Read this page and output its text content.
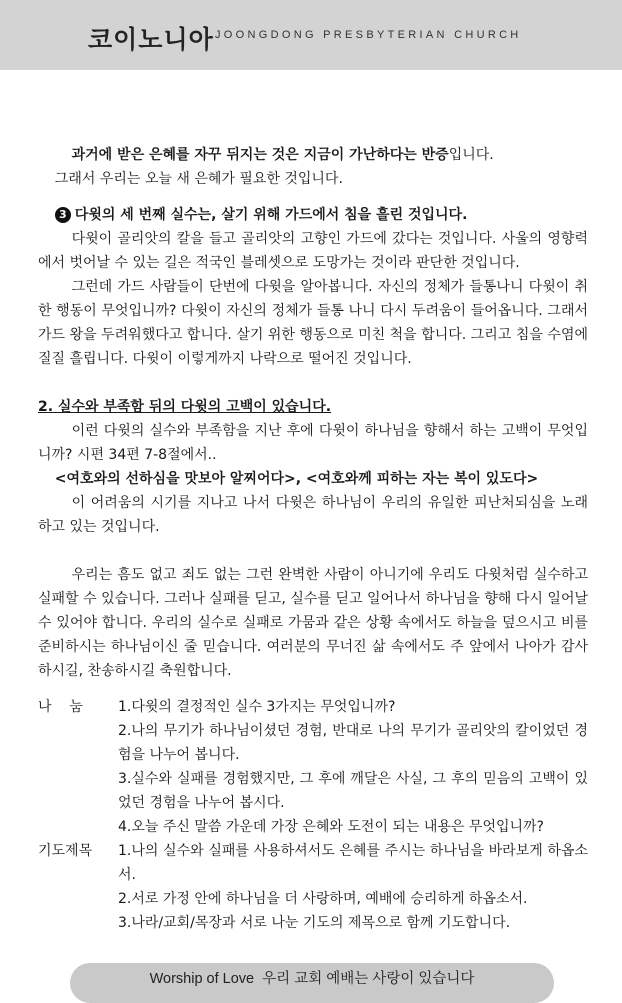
코이노니아 JOONGDONG PRESBYTERIAN CHURCH

과거에 받은 은혜를 자꾸 뒤지는 것은 지금이 가난하다는 반증입니다.

그래서 우리는 오늘 새 은혜가 필요한 것입니다.

3 다윗의 세 번째 실수는, 살기 위해 가드에서 침을 흘린 것입니다.

다윗이 골리앗의 칼을 들고 골리앗의 고향인 가드에 갔다는 것입니다. 사울의 영향력에서 벗어날 수 있는 길은 적국인 블레셋으로 도망가는 것이라 판단한 것입니다.

그런데 가드 사람들이 단번에 다윗을 알아봅니다. 자신의 정체가 들통나니 다윗이 취한 행동이 무엇입니까? 다윗이 자신의 정체가 들통 나니 다시 두려움이 들어옵니다. 그래서 가드 왕을 두려워했다고 합니다. 살기 위한 행동으로 미친 척을 합니다. 그리고 침을 수염에 질질 흘립니다. 다윗이 이렇게까지 나락으로 떨어진 것입니다.

2. 실수와 부족함 뒤의 다윗의 고백이 있습니다.

이런 다윗의 실수와 부족함을 지난 후에 다윗이 하나님을 향해서 하는 고백이 무엇입니까? 시편 34편 7-8절에서..

<여호와의 선하심을 맛보아 알찌어다>, <여호와께 피하는 자는 복이 있도다>

이 어려움의 시기를 지나고 나서 다윗은 하나님이 우리의 유일한 피난처되심을 노래하고 있는 것입니다.

우리는 흠도 없고 죄도 없는 그런 완벽한 사람이 아니기에 우리도 다윗처럼 실수하고 실패할 수 있습니다. 그러나 실패를 딛고, 실수를 딛고 일어나서 하나님을 향해 다시 일어날 수 있어야 합니다. 우리의 실수로 실패로 가뭄과 같은 상황 속에서도 하늘을 덮으시고 비를 준비하시는 하나님이신 줄 믿습니다. 여러분의 무너진 삶 속에서도 주 앞에서 나아가 감사하시길, 찬송하시길 축원합니다.

나    눔	1.다윗의 결정적인 실수 3가지는 무엇입니까?

2.나의 무기가 하나님이셨던 경험, 반대로 나의 무기가 골리앗의 칼이었던 경험을 나누어 봅니다.

3.실수와 실패를 경험했지만, 그 후에 깨달은 사실, 그 후의 믿음의 고백이 있었던 경험을 나누어 봅시다.

4.오늘 주신 말씀 가운데 가장 은혜와 도전이 되는 내용은 무엇입니까?

기도제목	1.나의 실수와 실패를 사용하셔서도 은혜를 주시는 하나님을 바라보게 하옵소서.

2.서로 가정 안에 하나님을 더 사랑하며, 예배에 승리하게 하옵소서.

3.나라/교회/목장과 서로 나눈 기도의 제목으로 함께 기도합니다.

Worship of Love  우리 교회 예배는 사랑이 있습니다
